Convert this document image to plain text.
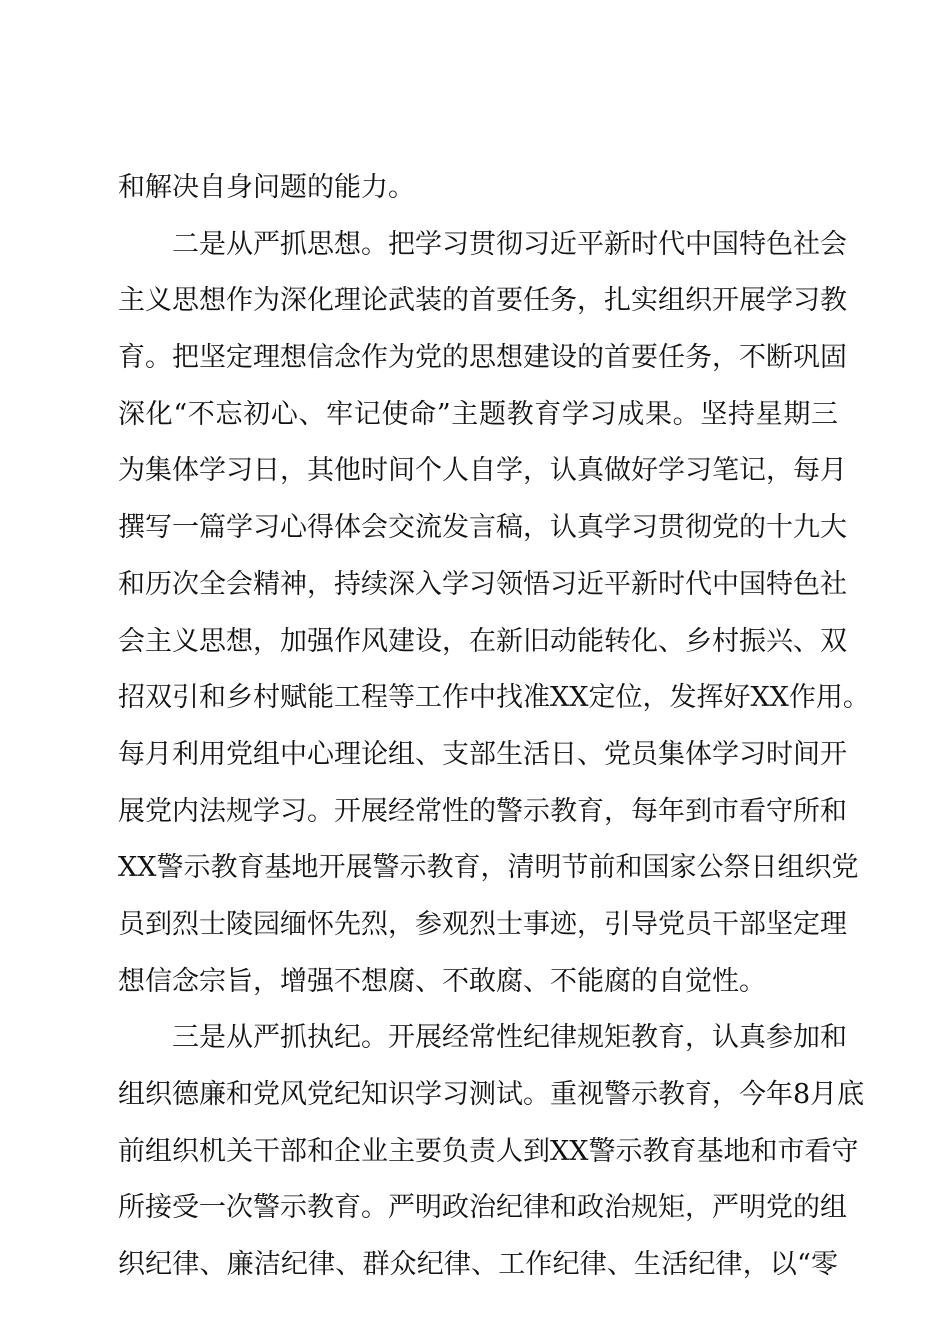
和解决自身问题的能力。
二是从严抓思想。把学习贯彻习近平新时代中国特色社会
主义思想作为深化理论武装的首要任务，扎实组织开展学习教
育。把坚定理想信念作为党的思想建设的首要任务，不断巩固
深化“不忘初心、牢记使命”主题教育学习成果。坚持星期三
为集体学习日，其他时间个人自学，认真做好学习笔记，每月
撰写一篇学习心得体会交流发言稿，认真学习贯彻党的十九大
和历次全会精神，持续深入学习领悟习近平新时代中国特色社
会主义思想，加强作风建设，在新旧动能转化、乡村振兴、双
招双引和乡村赋能工程等工作中找准XX定位，发挥好XX作用。
每月利用党组中心理论组、支部生活日、党员集体学习时间开
展党内法规学习。开展经常性的警示教育，每年到市看守所和
XX警示教育基地开展警示教育，清明节前和国家公祭日组织党
员到烈士陵园缅怀先烈，参观烈士事迹，引导党员干部坚定理
想信念宗旨，增强不想腐、不敢腐、不能腐的自觉性。
三是从严抓执纪。开展经常性纪律规矩教育，认真参加和
组织德廉和党风党纪知识学习测试。重视警示教育，今年8月底
前组织机关干部和企业主要负责人到XX警示教育基地和市看守
所接受一次警示教育。严明政治纪律和政治规矩，严明党的组
织纪律、廉洁纪律、群众纪律、工作纪律、生活纪律，以“零
